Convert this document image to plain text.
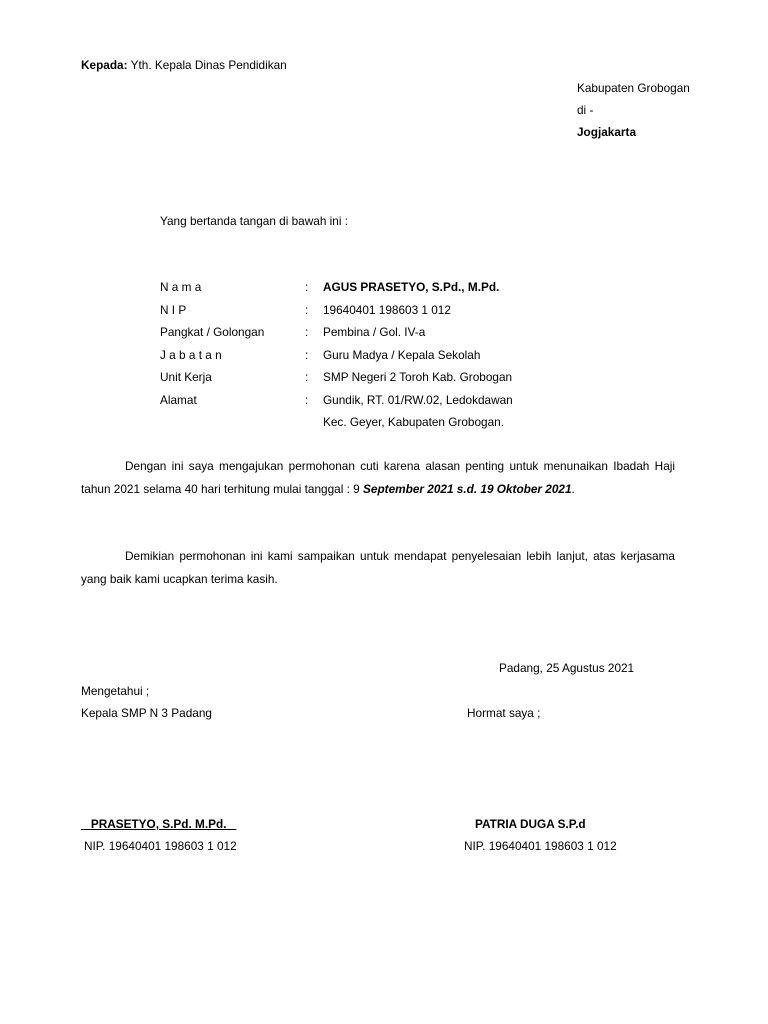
Kepada: Yth. Kepala Dinas Pendidikan
Kabupaten Grobogan
di -
Jogjakarta
Yang bertanda tangan di bawah ini :
N a m a	: AGUS PRASETYO, S.Pd., M.Pd.
N I P	: 19640401 198603 1 012
Pangkat / Golongan	: Pembina / Gol. IV-a
J a b a t a n	: Guru Madya / Kepala Sekolah
Unit Kerja	: SMP Negeri 2 Toroh Kab. Grobogan
Alamat	: Gundik, RT. 01/RW.02, Ledokdawan
Kec. Geyer, Kabupaten Grobogan.
Dengan ini saya mengajukan permohonan cuti karena alasan penting untuk menunaikan Ibadah Haji tahun 2021 selama 40 hari terhitung mulai tanggal : 9 September 2021 s.d. 19 Oktober 2021.
Demikian permohonan ini kami sampaikan untuk mendapat penyelesaian lebih lanjut, atas kerjasama yang baik kami ucapkan terima kasih.
Padang, 25 Agustus 2021
Mengetahui ;
Kepala SMP N 3 Padang	Hormat saya ;
PRASETYO, S.Pd. M.Pd.	PATRIA DUGA S.P.d
NIP. 19640401 198603 1 012	NIP. 19640401 198603 1 012
